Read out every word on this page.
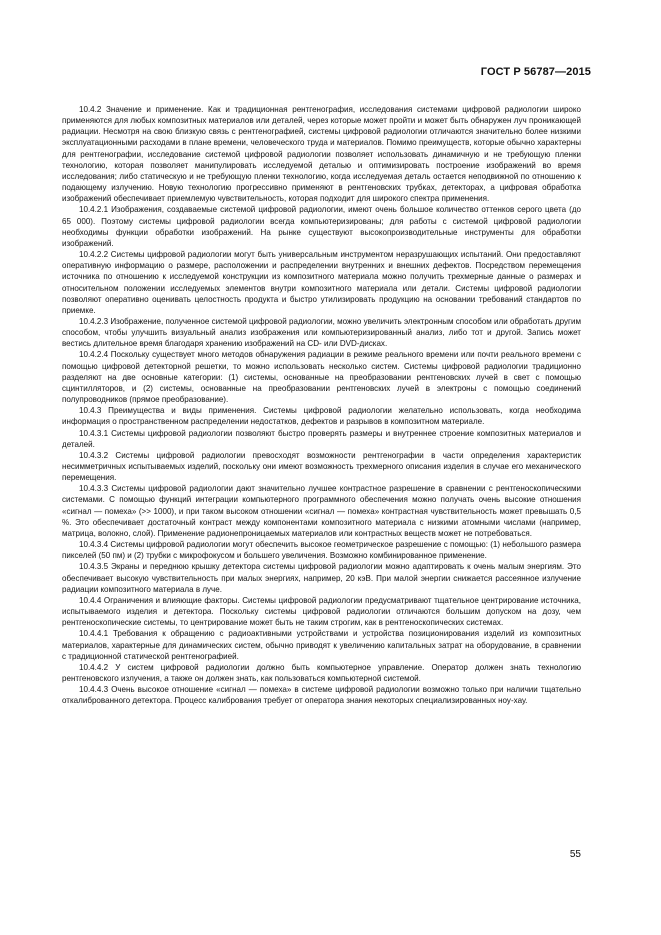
ГОСТ Р 56787—2015

10.4.2 Значение и применение. Как и традиционная рентгенография, исследования системами цифровой радиологии широко применяются для любых композитных материалов или деталей, через которые может пройти и может быть обнаружен луч проникающей радиации. Несмотря на свою близкую связь с рентгенографией, системы цифровой радиологии отличаются значительно более низкими эксплуатационными расходами в плане времени, человеческого труда и материалов. Помимо преимуществ, которые обычно характерны для рентгенографии, исследование системой цифровой радиологии позволяет использовать динамичную и не требующую пленки технологию, которая позволяет манипулировать исследуемой деталью и оптимизировать построение изображений во время исследования; либо статическую и не требующую пленки технологию, когда исследуемая деталь остается неподвижной по отношению к подающему излучению. Новую технологию прогрессивно применяют в рентгеновских трубках, детекторах, а цифровая обработка изображений обеспечивает приемлемую чувствительность, которая подходит для широкого спектра применения.

10.4.2.1 Изображения, создаваемые системой цифровой радиологии, имеют очень большое количество оттенков серого цвета (до 65 000). Поэтому системы цифровой радиологии всегда компьютеризированы; для работы с системой цифровой радиологии необходимы функции обработки изображений. На рынке существуют высокопроизводительные инструменты для обработки изображений.

10.4.2.2 Системы цифровой радиологии могут быть универсальным инструментом неразрушающих испытаний. Они предоставляют оперативную информацию о размере, расположении и распределении внутренних и внешних дефектов. Посредством перемещения источника по отношению к исследуемой конструкции из композитного материала можно получить трехмерные данные о размерах и относительном положении исследуемых элементов внутри композитного материала или детали. Системы цифровой радиологии позволяют оперативно оценивать целостность продукта и быстро утилизировать продукцию на основании требований стандартов по приемке.

10.4.2.3 Изображение, полученное системой цифровой радиологии, можно увеличить электронным способом или обработать другим способом, чтобы улучшить визуальный анализ изображения или компьютеризированный анализ, либо тот и другой. Запись может вестись длительное время благодаря хранению изображений на CD- или DVD-дисках.

10.4.2.4 Поскольку существует много методов обнаружения радиации в режиме реального времени или почти реального времени с помощью цифровой детекторной решетки, то можно использовать несколько систем. Системы цифровой радиологии традиционно разделяют на две основные категории: (1) системы, основанные на преобразовании рентгеновских лучей в свет с помощью сцинтилляторов, и (2) системы, основанные на преобразовании рентгеновских лучей в электроны с помощью соединений полупроводников (прямое преобразование).

10.4.3 Преимущества и виды применения. Системы цифровой радиологии желательно использовать, когда необходима информация о пространственном распределении недостатков, дефектов и разрывов в композитном материале.

10.4.3.1 Системы цифровой радиологии позволяют быстро проверять размеры и внутреннее строение композитных материалов и деталей.

10.4.3.2 Системы цифровой радиологии превосходят возможности рентгенографии в части определения характеристик несимметричных испытываемых изделий, поскольку они имеют возможность трехмерного описания изделия в случае его механического перемещения.

10.4.3.3 Системы цифровой радиологии дают значительно лучшее контрастное разрешение в сравнении с рентгеноскопическими системами. С помощью функций интеграции компьютерного программного обеспечения можно получать очень высокие отношения «сигнал — помеха» (>> 1000), и при таком высоком отношении «сигнал — помеха» контрастная чувствительность может превышать 0,5 %. Это обеспечивает достаточный контраст между компонентами композитного материала с низкими атомными числами (например, матрица, волокно, слой). Применение радионепроницаемых материалов или контрастных веществ может не потребоваться.

10.4.3.4 Системы цифровой радиологии могут обеспечить высокое геометрическое разрешение с помощью: (1) небольшого размера пикселей (50 пм) и (2) трубки с микрофокусом и большего увеличения. Возможно комбинированное применение.

10.4.3.5 Экраны и переднюю крышку детектора системы цифровой радиологии можно адаптировать к очень малым энергиям. Это обеспечивает высокую чувствительность при малых энергиях, например, 20 кэВ. При малой энергии снижается рассеянное излучение радиации композитного материала в луче.

10.4.4 Ограничения и влияющие факторы. Системы цифровой радиологии предусматривают тщательное центрирование источника, испытываемого изделия и детектора. Поскольку системы цифровой радиологии отличаются большим допуском на дозу, чем рентгеноскопические системы, то центрирование может быть не таким строгим, как в рентгеноскопических системах.

10.4.4.1 Требования к обращению с радиоактивными устройствами и устройства позиционирования изделий из композитных материалов, характерные для динамических систем, обычно приводят к увеличению капитальных затрат на оборудование, в сравнении с традиционной статической рентгенографией.

10.4.4.2 У систем цифровой радиологии должно быть компьютерное управление. Оператор должен знать технологию рентгеновского излучения, а также он должен знать, как пользоваться компьютерной системой.

10.4.4.3 Очень высокое отношение «сигнал — помеха» в системе цифровой радиологии возможно только при наличии тщательно откалиброванного детектора. Процесс калибрования требует от оператора знания некоторых специализированных ноу-хау.

55
